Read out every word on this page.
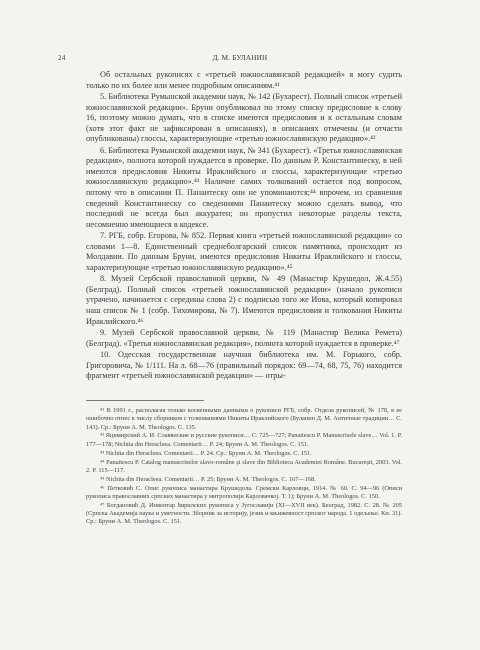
24	Д. М. БУЛАНИН

Об остальных рукописях с «третьей южнославянской редакцией» я могу судить только по их более или менее подробным описаниям.⁴¹

5. Библиотека Румынской академии наук, № 142 (Бухарест). Полный список «третьей южнославянской редакции». Бруни опубликовал по этому списку предисловие к слову 16, поэтому можно думать, что в списке имеются предисловия и к остальным словам (хотя этот факт не зафиксирован в описаниях), в описаниях отмечены (и отчасти опубликованы) глоссы, характеризующие «третью южнославянскую редакцию».⁴²

6. Библиотека Румынской академии наук, № 341 (Бухарест). «Третья южнославянская редакция», полнота которой нуждается в проверке. По данным Р. Константинеску, в ней имеются предисловия Никиты Ираклийского и глоссы, характеризующие «третью южнославянскую редакцию».⁴³ Наличие самих толкований остается под вопросом, потому что в описании П. Панаитеску они не упоминаются;⁴⁴ впрочем, из сравнения сведений Константинеску со сведениями Панаитеску можно сделать вывод, что последний не всегда был аккуратен; он пропустил некоторые разделы текста, несомненно имеющиеся в кодексе.

7. РГБ, собр. Егорова, № 852. Первая книга «третьей южнославянской редакции» со словами 1—8. Единственный среднеболгарский список памятника, происходит из Молдавии. По данным Бруни, имеются предисловия Никиты Ираклийского и глоссы, характеризующие «третью южнославянскую редакцию».⁴⁵

8. Музей Сербской православной церкви, № 49 (Манастир Крушедол, Ж.4.55) (Белград). Полный список «третьей южнославянской редакции» (начало рукописи утрачено, начинается с середины слова 2) с подписью того же Иова, который копировал наш список № 1 (собр. Тихомирова, № 7). Имеются предисловия и толкования Никиты Ираклийского.⁴⁶

9. Музей Сербской православной церкви, № 119 (Манастир Велика Ремета) (Белград). «Третья южнославянская редакция», полнота которой нуждается в проверке.⁴⁷

10. Одесская государственная научная библиотека им. М. Горького, собр. Григоровича, № 1/111. На л. 68—76 (правильный порядок: 69—74, 68, 75, 76) находится фрагмент «третьей южнославянской редакции» — отры-

⁴¹ В 1991 г., располагая только косвенными данными о рукописи РГБ, собр. Отдела рукописей, № 178, я ее ошибочно отнес к числу сборников с толкованиями Никиты Ираклийского (Буланин Д. М. Античные традиции… С. 143). Ср.: Бруни А. М. Theologos. С. 135.

⁴² Яцимирский А. И. Славянские и русские рукописи… С. 725—727; Panaitescu P. Manuscrisele slave… Vol. 1. P. 177—178; Nichita din Heracleea. Comentarii… P. 24; Бруни А. М. Theologos. С. 151.

⁴³ Nichita din Heracleea. Comentarii… P. 24. Ср.: Бруни А. М. Theologos. С. 151.

⁴⁴ Panaitescu P. Catalog manuscriselor slavo-române și slave din Biblioteca Academiei Române. București, 2003. Vol. 2. P. 115—117.

⁴⁵ Nichita din Heracleea. Comentarii… P. 25; Бруни А. М. Theologos. С. 167—168.

⁴⁶ Петковић С. Опис рукописа манастира Крушедола. Сремски Карловци, 1914. № 60. С. 94—96 (Описи рукописа православних српских манастира у митрополији Карловачкој. Т. 1); Бруни А. М. Theologos. С. 150.

⁴⁷ Богдановић Д. Инвентар ћирилских рукописа у Југославији (XI—XVII век). Београд, 1982. С. 28. № 205 (Српска Академија наука и уметности. Зборник за историју, језик и књижевност српског народа. 1 одељење. Кн. 31). Ср.: Бруни А. М. Theologos. С. 151.
